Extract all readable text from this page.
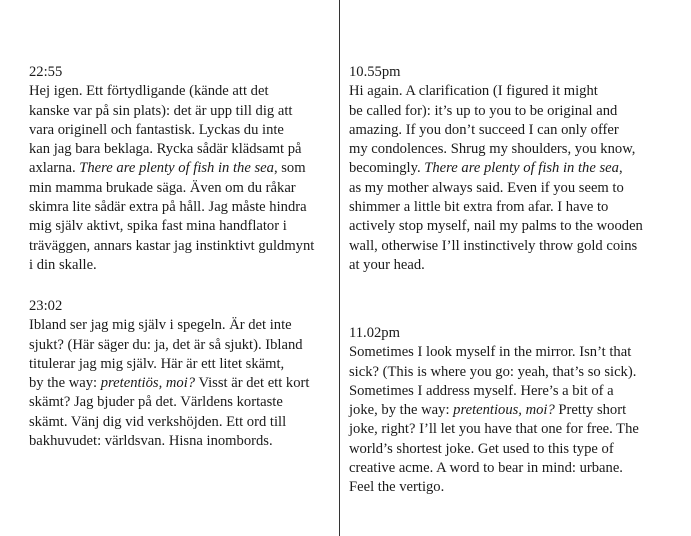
22:55
Hej igen. Ett förtydligande (kände att det
kanske var på sin plats): det är upp till dig att
vara originell och fantastisk. Lyckas du inte
kan jag bara beklaga. Rycka sådär klädsamt på
axlarna. There are plenty of fish in the sea, som
min mamma brukade säga. Även om du råkar
skimra lite sådär extra på håll. Jag måste hindra
mig själv aktivt, spika fast mina handflator i
träväggen, annars kastar jag instinktivt guldmynt
i din skalle.
23:02
Ibland ser jag mig själv i spegeln. Är det inte
sjukt? (Här säger du: ja, det är så sjukt). Ibland
titulerar jag mig själv. Här är ett litet skämt,
by the way: pretentiös, moi? Visst är det ett kort
skämt? Jag bjuder på det. Världens kortaste
skämt. Vänj dig vid verkshöjden. Ett ord till
bakhuvudet: världsvan. Hisna inombords.
10.55pm
Hi again. A clarification (I figured it might
be called for): it’s up to you to be original and
amazing. If you don’t succeed I can only offer
my condolences. Shrug my shoulders, you know,
becomingly. There are plenty of fish in the sea,
as my mother always said. Even if you seem to
shimmer a little bit extra from afar. I have to
actively stop myself, nail my palms to the wooden
wall, otherwise I’ll instinctively throw gold coins
at your head.
11.02pm
Sometimes I look myself in the mirror. Isn’t that
sick? (This is where you go: yeah, that’s so sick).
Sometimes I address myself. Here’s a bit of a
joke, by the way: pretentious, moi? Pretty short
joke, right? I’ll let you have that one for free. The
world’s shortest joke. Get used to this type of
creative acme. A word to bear in mind: urbane.
Feel the vertigo.
